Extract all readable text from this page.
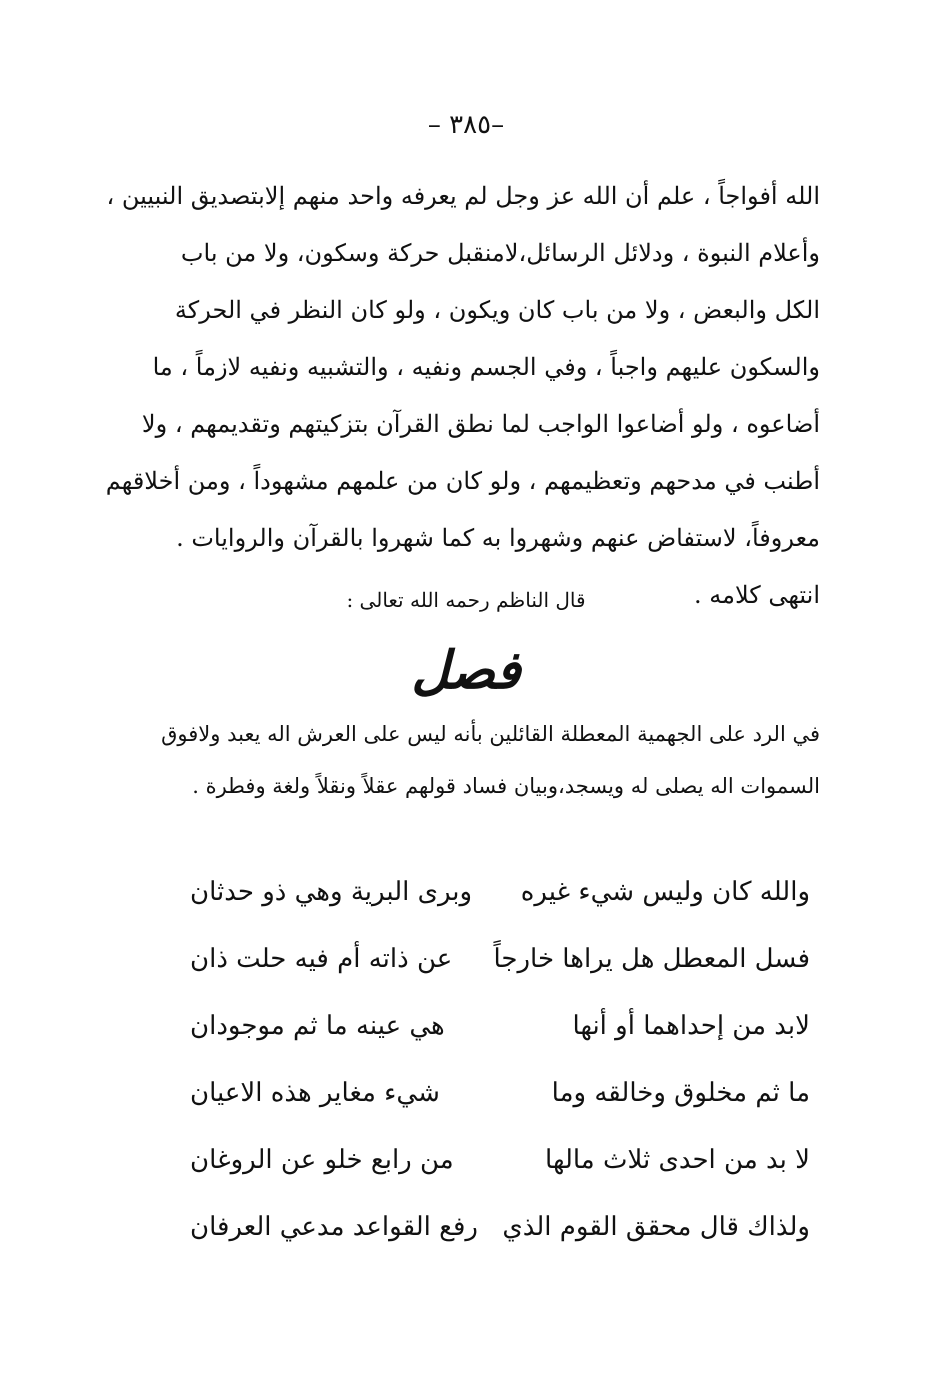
–٣٨٥ –
الله أفواجاً ، علم أن الله عز وجل لم يعرفه واحد منهم إلابتصديق النبيين ،
وأعلام النبوة ، ودلائل الرسائل،لامنقبل حركة وسكون، ولا من باب
الكل والبعض ، ولا من باب كان ويكون ، ولو كان النظر في الحركة
والسكون عليهم واجباً ، وفي الجسم ونفيه ، والتشبيه ونفيه لازماً ، ما
أضاعوه ، ولو أضاعوا الواجب لما نطق القرآن بتزكيتهم وتقديمهم ، ولا
أطنب في مدحهم وتعظيمهم ، ولو كان من علمهم مشهوداً ، ومن أخلاقهم
معروفاً، لاستفاض عنهم وشهروا به كما شهروا بالقرآن والروايات .
انتهى كلامه .
قال الناظم رحمه الله تعالى :
فصل
في الرد على الجهمية المعطلة القائلين بأنه ليس على العرش اله يعبد ولافوق
السموات اله يصلى له ويسجد،وبيان فساد قولهم عقلاً ونقلاً ولغة وفطرة .
والله كان وليس شيء غيره
وبرى البرية وهي ذو حدثان
فسل المعطل هل يراها خارجاً
عن ذاته أم فيه حلت ذان
لابد من إحداهما أو أنها
هي عينه ما ثم موجودان
ما ثم مخلوق وخالقه وما
شيء مغاير هذه الاعيان
لا بد من احدى ثلاث مالها
من رابع خلو عن الروغان
ولذاك قال محقق القوم الذي
رفع القواعد مدعي العرفان
